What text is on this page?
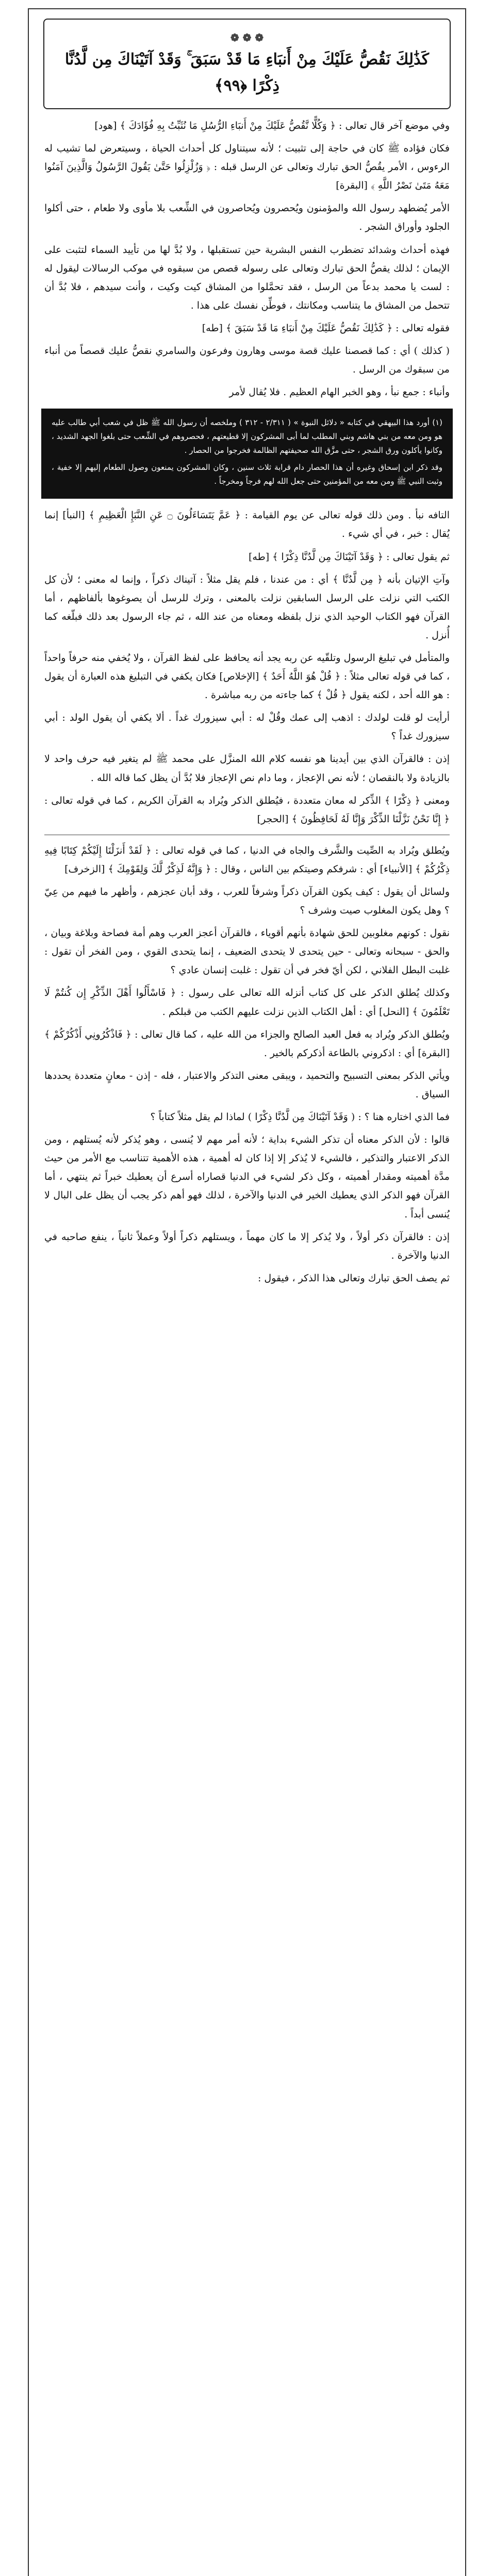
❁ ❁ ❁
كَذَٰلِكَ نَقُصُّ عَلَيْكَ مِنْ أَنبَاءِ مَا قَدْ سَبَقَ ۚ وَقَدْ آتَيْنَاكَ مِن لَّدُنَّا ذِكْرًا ﴿٩٩﴾

وفي موضع آخر قال تعالى : ﴿ وَكُلًّا نَّقُصُّ عَلَيْكَ مِنْ أَنبَاءِ الرُّسُلِ مَا نُثَبِّتُ بِهِ فُؤَادَكَ ﴾ [هود]

فكان فؤاده ﷺ كان في حاجة إلى تثبيت ؛ لأنه سيتناول كل أحداث الحياة ، وسيتعرض لما تشيب له الرءوس ، الأمر يقُصُّ الحق تبارك وتعالى عن الرسل قبله : ﴿ وَزُلْزِلُوا حَتَّىٰ يَقُولَ الرَّسُولُ وَالَّذِينَ آمَنُوا مَعَهُ مَتَىٰ نَصْرُ اللَّهِ ﴾ [البقرة]

الأمر يُضطهد رسول الله والمؤمنون ويُحصرون ويُحاصرون في الشِّعب بلا مأوى ولا طعام ، حتى أكلوا الجلود وأوراق الشجر .

فهذه أحداث وشدائد تضطرب النفس البشرية حين تستقبلها ، ولا بُدَّ لها من تأييد السماء لتثبت على الإيمان ؛ لذلك يقصُّ الحق تبارك وتعالى على رسوله قصص من سبقوه في موكب الرسالات ليقول له : لست يا محمد بدعاً من الرسل ، فقد تحمَّلوا من المشاق كيت وكيت ، وأنت سيدهم ، فلا بُدَّ أن تتحمل من المشاق ما يتناسب ومكانتك ، فوطِّن نفسك على هذا .

فقوله تعالى : ﴿ كَذَٰلِكَ نَقُصُّ عَلَيْكَ مِنْ أَنبَاءِ مَا قَدْ سَبَقَ ﴾ [طه]

( كذلك ) أي : كما قصصنا عليك قصة موسى وهارون وفرعون والسامري نقصُّ عليك قصصاً من أنباء من سبقوك من الرسل .

وأنباء : جمع نبأ ، وهو الخبر الهام العظيم . فلا يُقال لأمر

(١) أورد هذا البيهقي في كتابه « دلائل النبوة » ( ٢/٣١١ - ٣١٢ ) وملخصه أن رسول الله ﷺ ظل في شعب أبي طالب عليه هو ومن معه من بني هاشم وبني المطلب لما أبى المشركون إلا قطيعتهم ، فحصروهم في الشِّعب حتى بلغوا الجهد الشديد ، وكانوا يأكلون ورق الشجر ، حتى مزَّق الله صحيفتهم الظالمة فخرجوا من الحصار .

وقد ذكر ابن إسحاق وغيره أن هذا الحصار دام قرابة ثلاث سنين ، وكان المشركون يمنعون وصول الطعام إليهم إلا خفية ، وثبت النبي ﷺ ومن معه من المؤمنين حتى جعل الله لهم فرجاً ومخرجاً .

التافه نبأ . ومن ذلك قوله تعالى عن يوم القيامة : ﴿ عَمَّ يَتَسَاءَلُونَ ۝ عَنِ النَّبَإِ الْعَظِيمِ ﴾ [النبأ] إنما يُقال : خبر ، في أي شيء .

ثم يقول تعالى : ﴿ وَقَدْ آتَيْنَاكَ مِن لَّدُنَّا ذِكْرًا ﴾ [طه]

وآتِ الإتيان بأنه ﴿ مِن لَّدُنَّا ﴾ أي : من عندنا ، فلم يقل مثلاً : آتيناك ذكراً ، وإنما له معنى ؛ لأن كل الكتب التي نزلت على الرسل السابقين نزلت بالمعنى ، وترك للرسل أن يصوغوها بألفاظهم ، أما القرآن فهو الكتاب الوحيد الذي نزل بلفظه ومعناه من عند الله ، ثم جاء الرسول بعد ذلك فبلّغه كما أُنزل .

والمتأمل في تبليغ الرسول وتلقّيه عن ربه يجد أنه يحافظ على لفظ القرآن ، ولا يُخفي منه حرفاً واحداً ، كما في قوله تعالى مثلاً : ﴿ قُلْ هُوَ اللَّهُ أَحَدٌ ﴾ [الإخلاص] فكان يكفي في التبليغ هذه العبارة أن يقول : هو الله أحد ، لكنه يقول ﴿ قُلْ ﴾ كما جاءته من ربه مباشرة .

أرأيت لو قلت لولدك : اذهب إلى عمك وقُلْ له : أبي سيزورك غداً . ألا يكفي أن يقول الولد : أبي سيزورك غداً ؟

إذن : فالقرآن الذي بين أيدينا هو نفسه كلام الله المنزَّل على محمد ﷺ لم يتغير فيه حرف واحد لا بالزيادة ولا بالنقصان ؛ لأنه نص الإعجاز ، وما دام نص الإعجاز فلا بُدَّ أن يظل كما قاله الله .

ومعنى ﴿ ذِكْرًا ﴾ الذِّكر له معان متعددة ، فيُطلق الذكر ويُراد به القرآن الكريم ، كما في قوله تعالى : ﴿ إِنَّا نَحْنُ نَزَّلْنَا الذِّكْرَ وَإِنَّا لَهُ لَحَافِظُونَ ﴾ [الحجر]

ويُطلق ويُراد به الصِّيت والشَّرف والجاه في الدنيا ، كما في قوله تعالى : ﴿ لَقَدْ أَنزَلْنَا إِلَيْكُمْ كِتَابًا فِيهِ ذِكْرُكُمْ ﴾ [الأنبياء] أي : شرفكم وصيتكم بين الناس ، وقال : ﴿ وَإِنَّهُ لَذِكْرٌ لَّكَ وَلِقَوْمِكَ ﴾ [الزخرف]

ولسائل أن يقول : كيف يكون القرآن ذكراً وشرفاً للعرب ، وقد أبان عجزهم ، وأظهر ما فيهم من عِيّ ؟ وهل يكون المغلوب صيت وشرف ؟

نقول : كونهم مغلوبين للحق شهادة بأنهم أقوياء ، فالقرآن أعجز العرب وهم أمة فصاحة وبلاغة وبيان ، والحق - سبحانه وتعالى - حين يتحدى لا يتحدى الضعيف ، إنما يتحدى القوي ، ومن الفخر أن تقول : غلبت البطل الفلاني ، لكن أيّ فخر في أن تقول : غلبت إنسان عادي ؟

وكذلك يُطلق الذكر على كل كتاب أنزله الله تعالى على رسول : ﴿ فَاسْأَلُوا أَهْلَ الذِّكْرِ إِن كُنتُمْ لَا تَعْلَمُونَ ﴾ [النحل] أي : أهل الكتاب الذين نزلت عليهم الكتب من قبلكم .

ويُطلق الذكر ويُراد به فعل العبد الصالح والجزاء من الله عليه ، كما قال تعالى : ﴿ فَاذْكُرُونِي أَذْكُرْكُمْ ﴾ [البقرة] أي : اذكروني بالطاعة أذكركم بالخير .

ويأتي الذكر بمعنى التسبيح والتحميد ، ويبقى معنى التذكر والاعتبار ، فله - إذن - معانٍ متعددة يحددها السياق .

فما الذي اختاره هنا ؟ : ( وَقَدْ آتَيْنَاكَ مِن لَّدُنَّا ذِكْرًا ) لماذا لم يقل مثلاً كتاباً ؟

قالوا : لأن الذكر معناه أن تذكر الشيء بداية ؛ لأنه أمر مهم لا يُنسى ، وهو يُذكر لأنه يُستلهم ، ومن الذكر الاعتبار والتذكير ، فالشيء لا يُذكر إلا إذا كان له أهمية ، هذه الأهمية تتناسب مع الأمر من حيث مدَّة أهميته ومقدار أهميته ، وكل ذكر لشيء في الدنيا قصاراه أسرع أن يعطيك خبراً ثم ينتهي ، أما القرآن فهو الذكر الذي يعطيك الخير في الدنيا والآخرة ، لذلك فهو أهم ذكر يجب أن يظل على البال لا يُنسى أبداً .

إذن : فالقرآن ذكر أولاً ، ولا يُذكر إلا ما كان مهماً ، ويستلهم ذكراً أولاً وعملاً ثانياً ، ينفع صاحبه في الدنيا والآخرة .

ثم يصف الحق تبارك وتعالى هذا الذكر ، فيقول :
